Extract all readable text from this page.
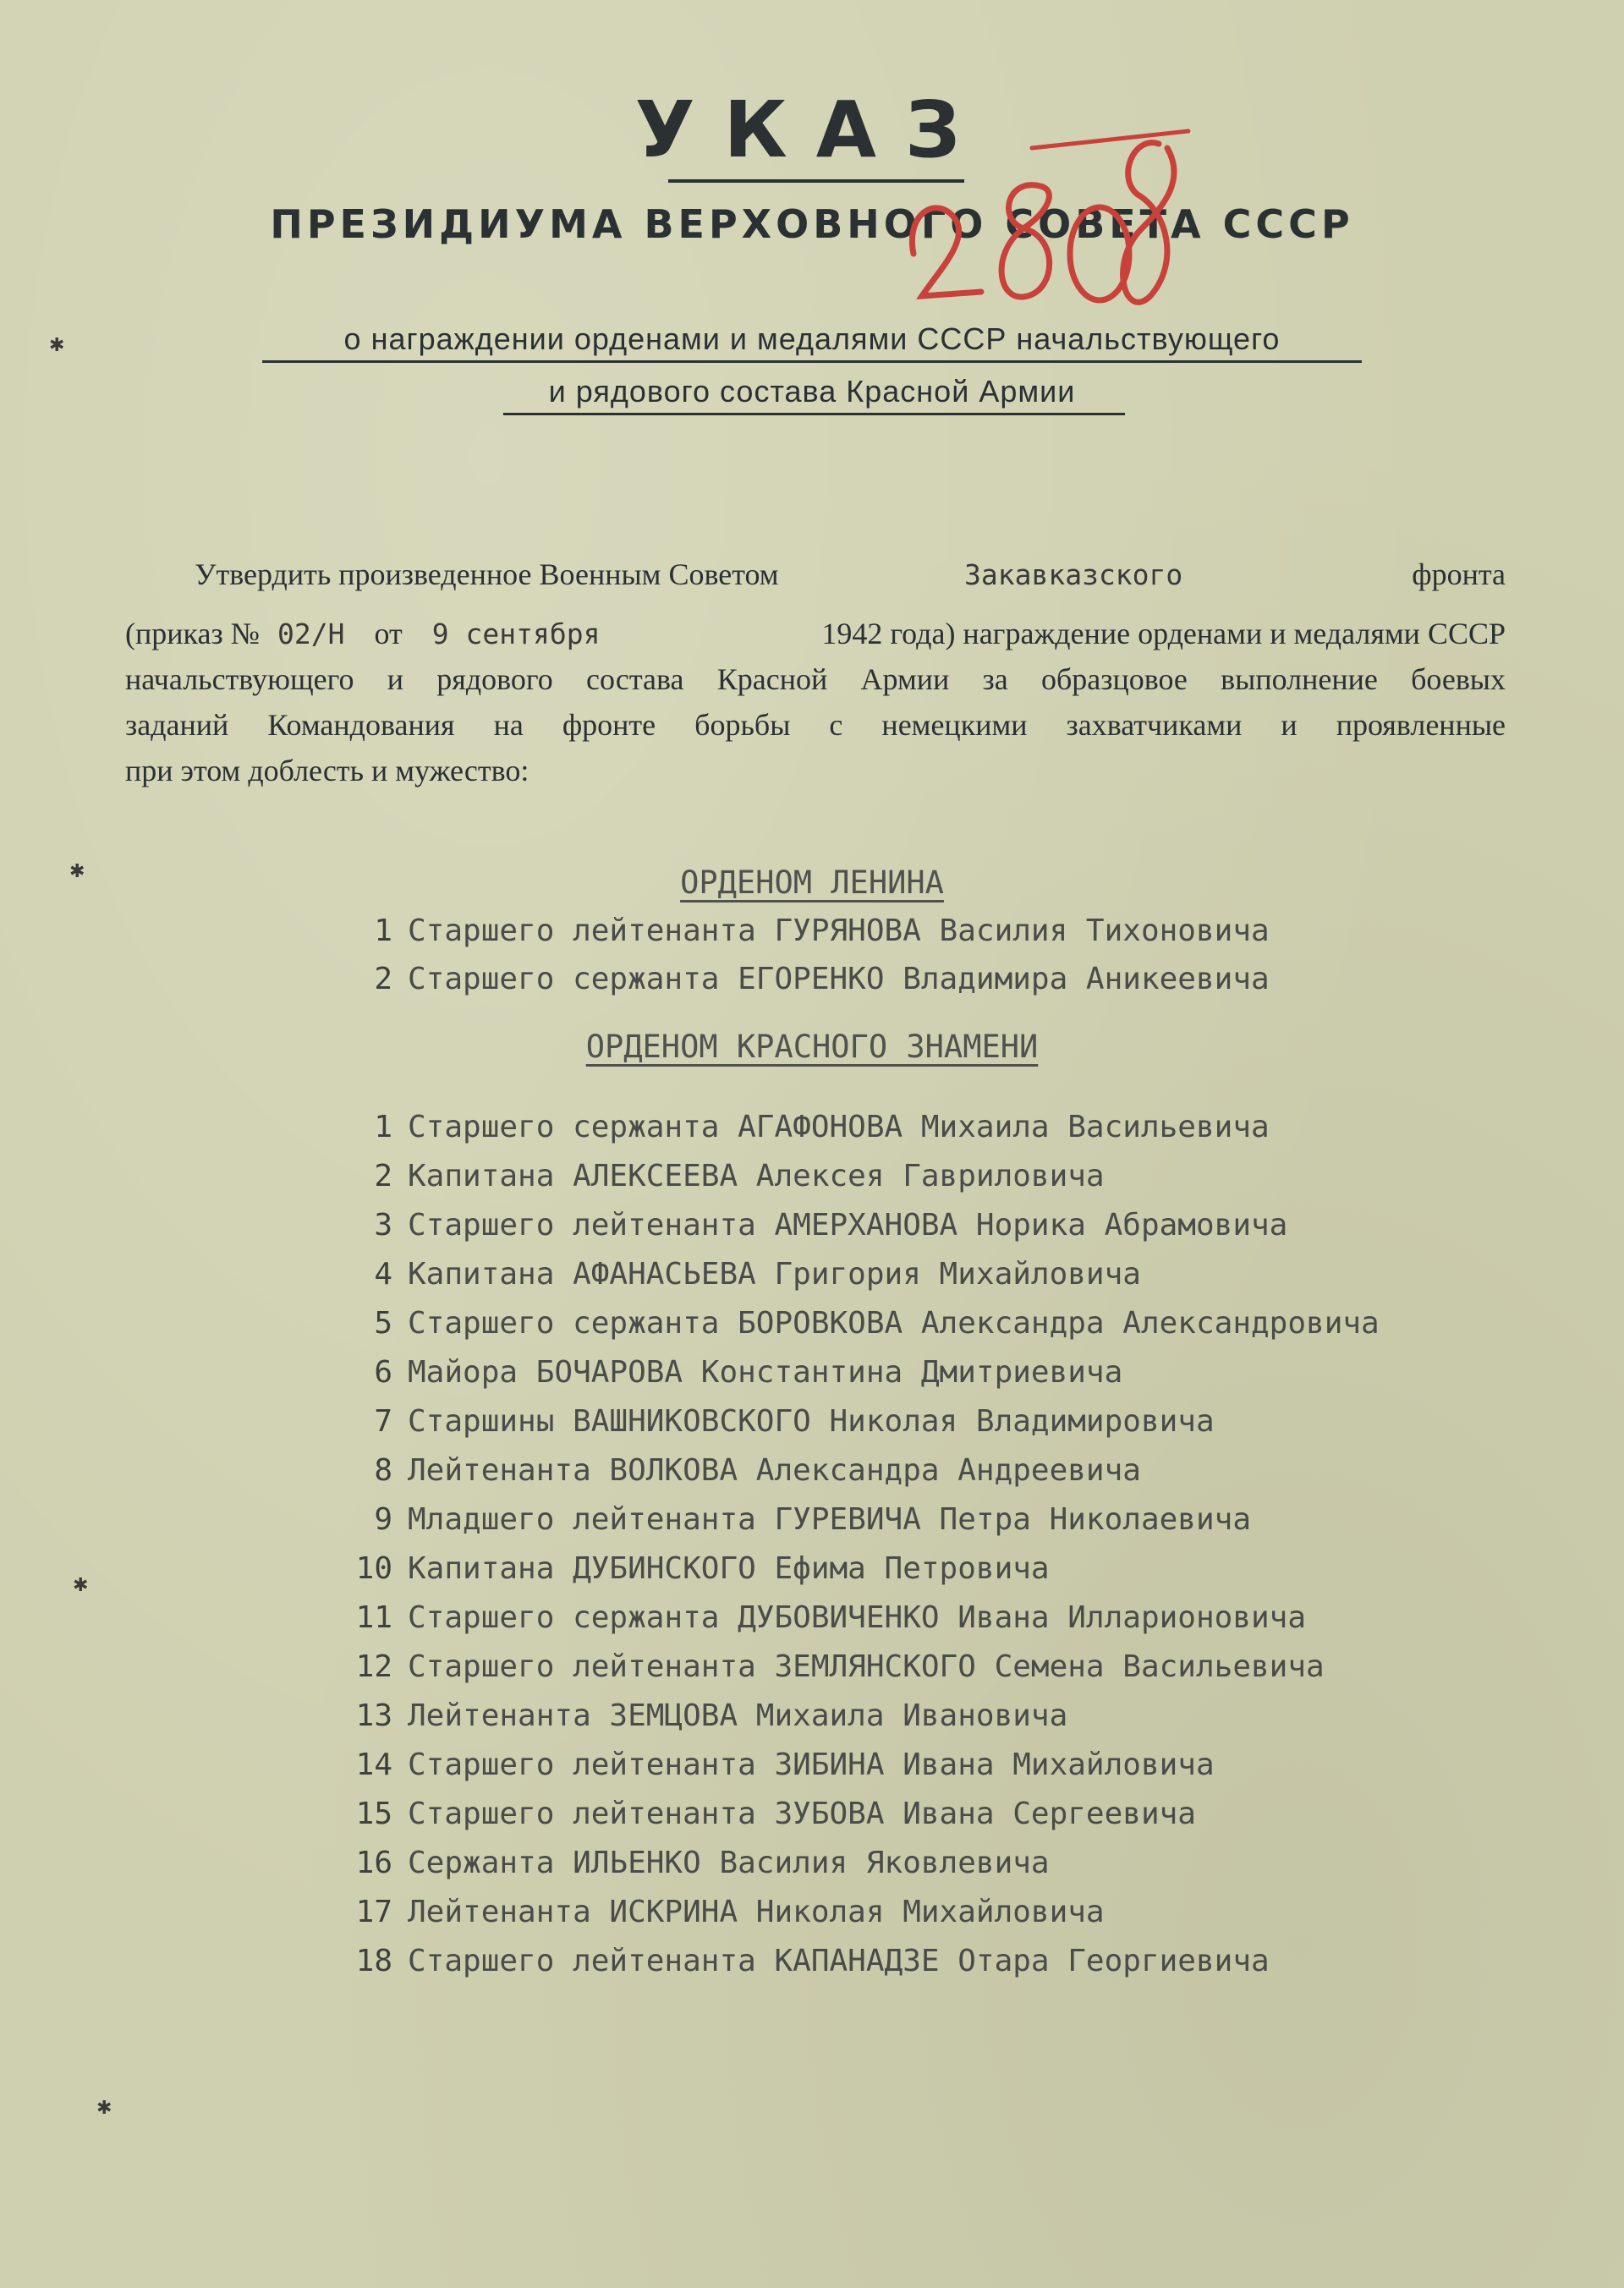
УКАЗ
ПРЕЗИДИУМА ВЕРХОВНОГО СОВЕТА СССР
о награждении орденами и медалями СССР начальствующего
и рядового состава Красной Армии
Утвердить произведенное Военным Советом	Закавказского	фронта
(приказ № 02/Н от 9 сентября	1942 года) награждение орденами и медалями СССР
начальствующего и рядового состава Красной Армии за образцовое выполнение боевых
заданий Командования на фронте борьбы с немецкими захватчиками и проявленные
при этом доблесть и мужество:
ОРДЕНОМ ЛЕНИНА
1 Старшего лейтенанта ГУРЯНОВА Василия Тихоновича
2 Старшего сержанта ЕГОРЕНКО Владимира Аникеевича
ОРДЕНОМ КРАСНОГО ЗНАМЕНИ
1 Старшего сержанта АГАФОНОВА Михаила Васильевича
2 Капитана АЛЕКСЕЕВА Алексея Гавриловича
3 Старшего лейтенанта АМЕРХАНОВА Норика Абрамовича
4 Капитана АФАНАСЬЕВА Григория Михайловича
5 Старшего сержанта БОРОВКОВА Александра Александровича
6 Майора БОЧАРОВА Константина Дмитриевича
7 Старшины ВАШНИКОВСКОГО Николая Владимировича
8 Лейтенанта ВОЛКОВА Александра Андреевича
9 Младшего лейтенанта ГУРЕВИЧА Петра Николаевича
10 Капитана ДУБИНСКОГО Ефима Петровича
11 Старшего сержанта ДУБОВИЧЕНКО Ивана Илларионовича
12 Старшего лейтенанта ЗЕМЛЯНСКОГО Семена Васильевича
13 Лейтенанта ЗЕМЦОВА Михаила Ивановича
14 Старшего лейтенанта ЗИБИНА Ивана Михайловича
15 Старшего лейтенанта ЗУБОВА Ивана Сергеевича
16 Сержанта ИЛЬЕНКО Василия Яковлевича
17 Лейтенанта ИСКРИНА Николая Михайловича
18 Старшего лейтенанта КАПАНАДЗЕ Отара Георгиевича
✱
✱
✱
✱
